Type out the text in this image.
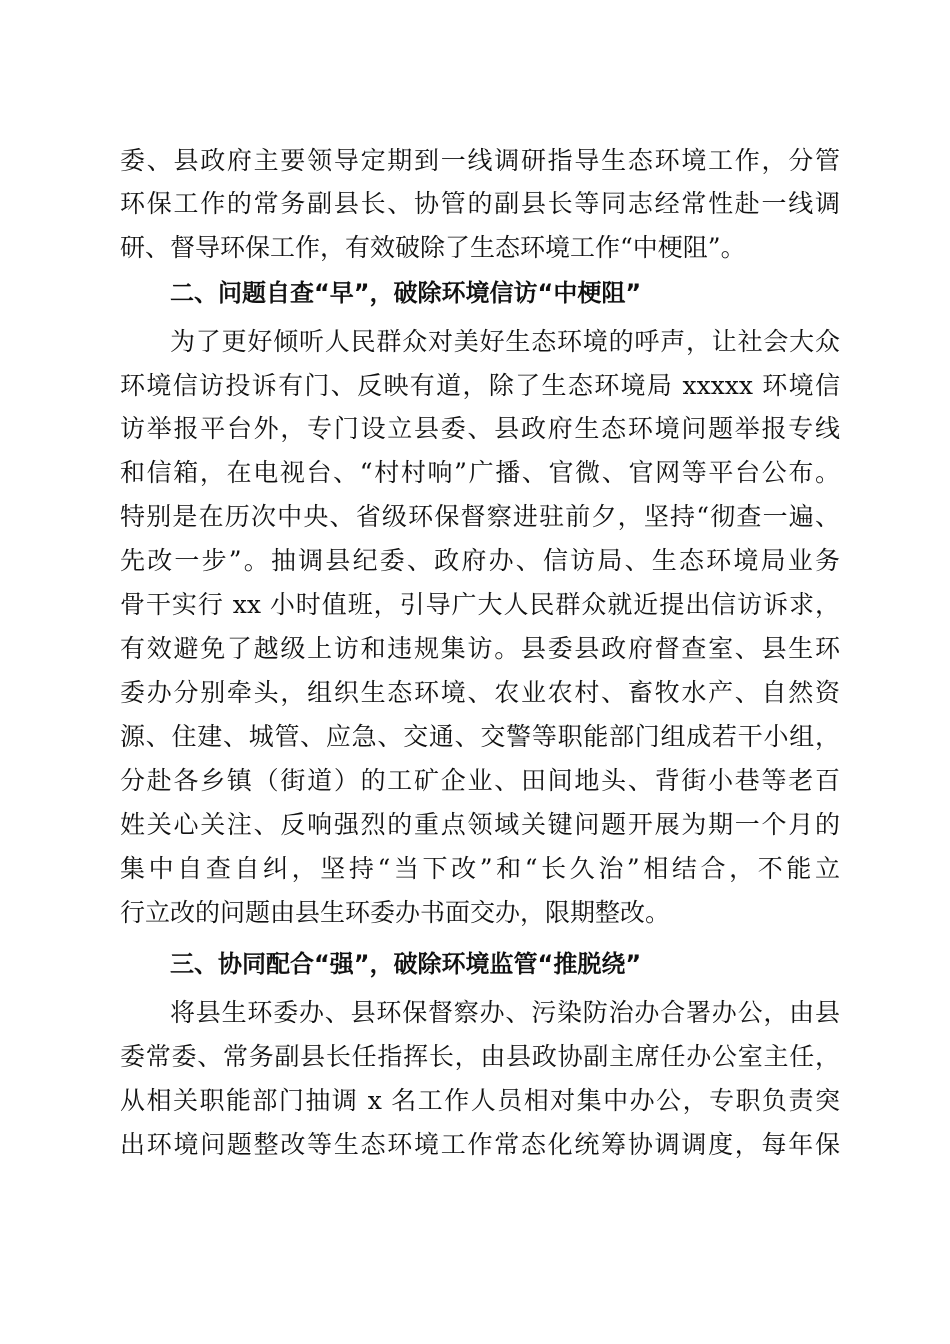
委、县政府主要领导定期到一线调研指导生态环境工作，分管
环保工作的常务副县长、协管的副县长等同志经常性赴一线调
研、督导环保工作，有效破除了生态环境工作“中梗阻”。
二、问题自查“早”，破除环境信访“中梗阻”
为了更好倾听人民群众对美好生态环境的呼声，让社会大众
环境信访投诉有门、反映有道，除了生态环境局 xxxxx 环境信
访举报平台外，专门设立县委、县政府生态环境问题举报专线
和信箱，在电视台、“村村响”广播、官微、官网等平台公布。
特别是在历次中央、省级环保督察进驻前夕，坚持“彻查一遍、
先改一步”。抽调县纪委、政府办、信访局、生态环境局业务
骨干实行 xx 小时值班，引导广大人民群众就近提出信访诉求，
有效避免了越级上访和违规集访。县委县政府督查室、县生环
委办分别牵头，组织生态环境、农业农村、畜牧水产、自然资
源、住建、城管、应急、交通、交警等职能部门组成若干小组，
分赴各乡镇（街道）的工矿企业、田间地头、背街小巷等老百
姓关心关注、反响强烈的重点领域关键问题开展为期一个月的
集中自查自纠，坚持“当下改”和“长久治”相结合，不能立
行立改的问题由县生环委办书面交办，限期整改。
三、协同配合“强”，破除环境监管“推脱绕”
将县生环委办、县环保督察办、污染防治办合署办公，由县
委常委、常务副县长任指挥长，由县政协副主席任办公室主任，
从相关职能部门抽调 x 名工作人员相对集中办公，专职负责突
出环境问题整改等生态环境工作常态化统筹协调调度，每年保
